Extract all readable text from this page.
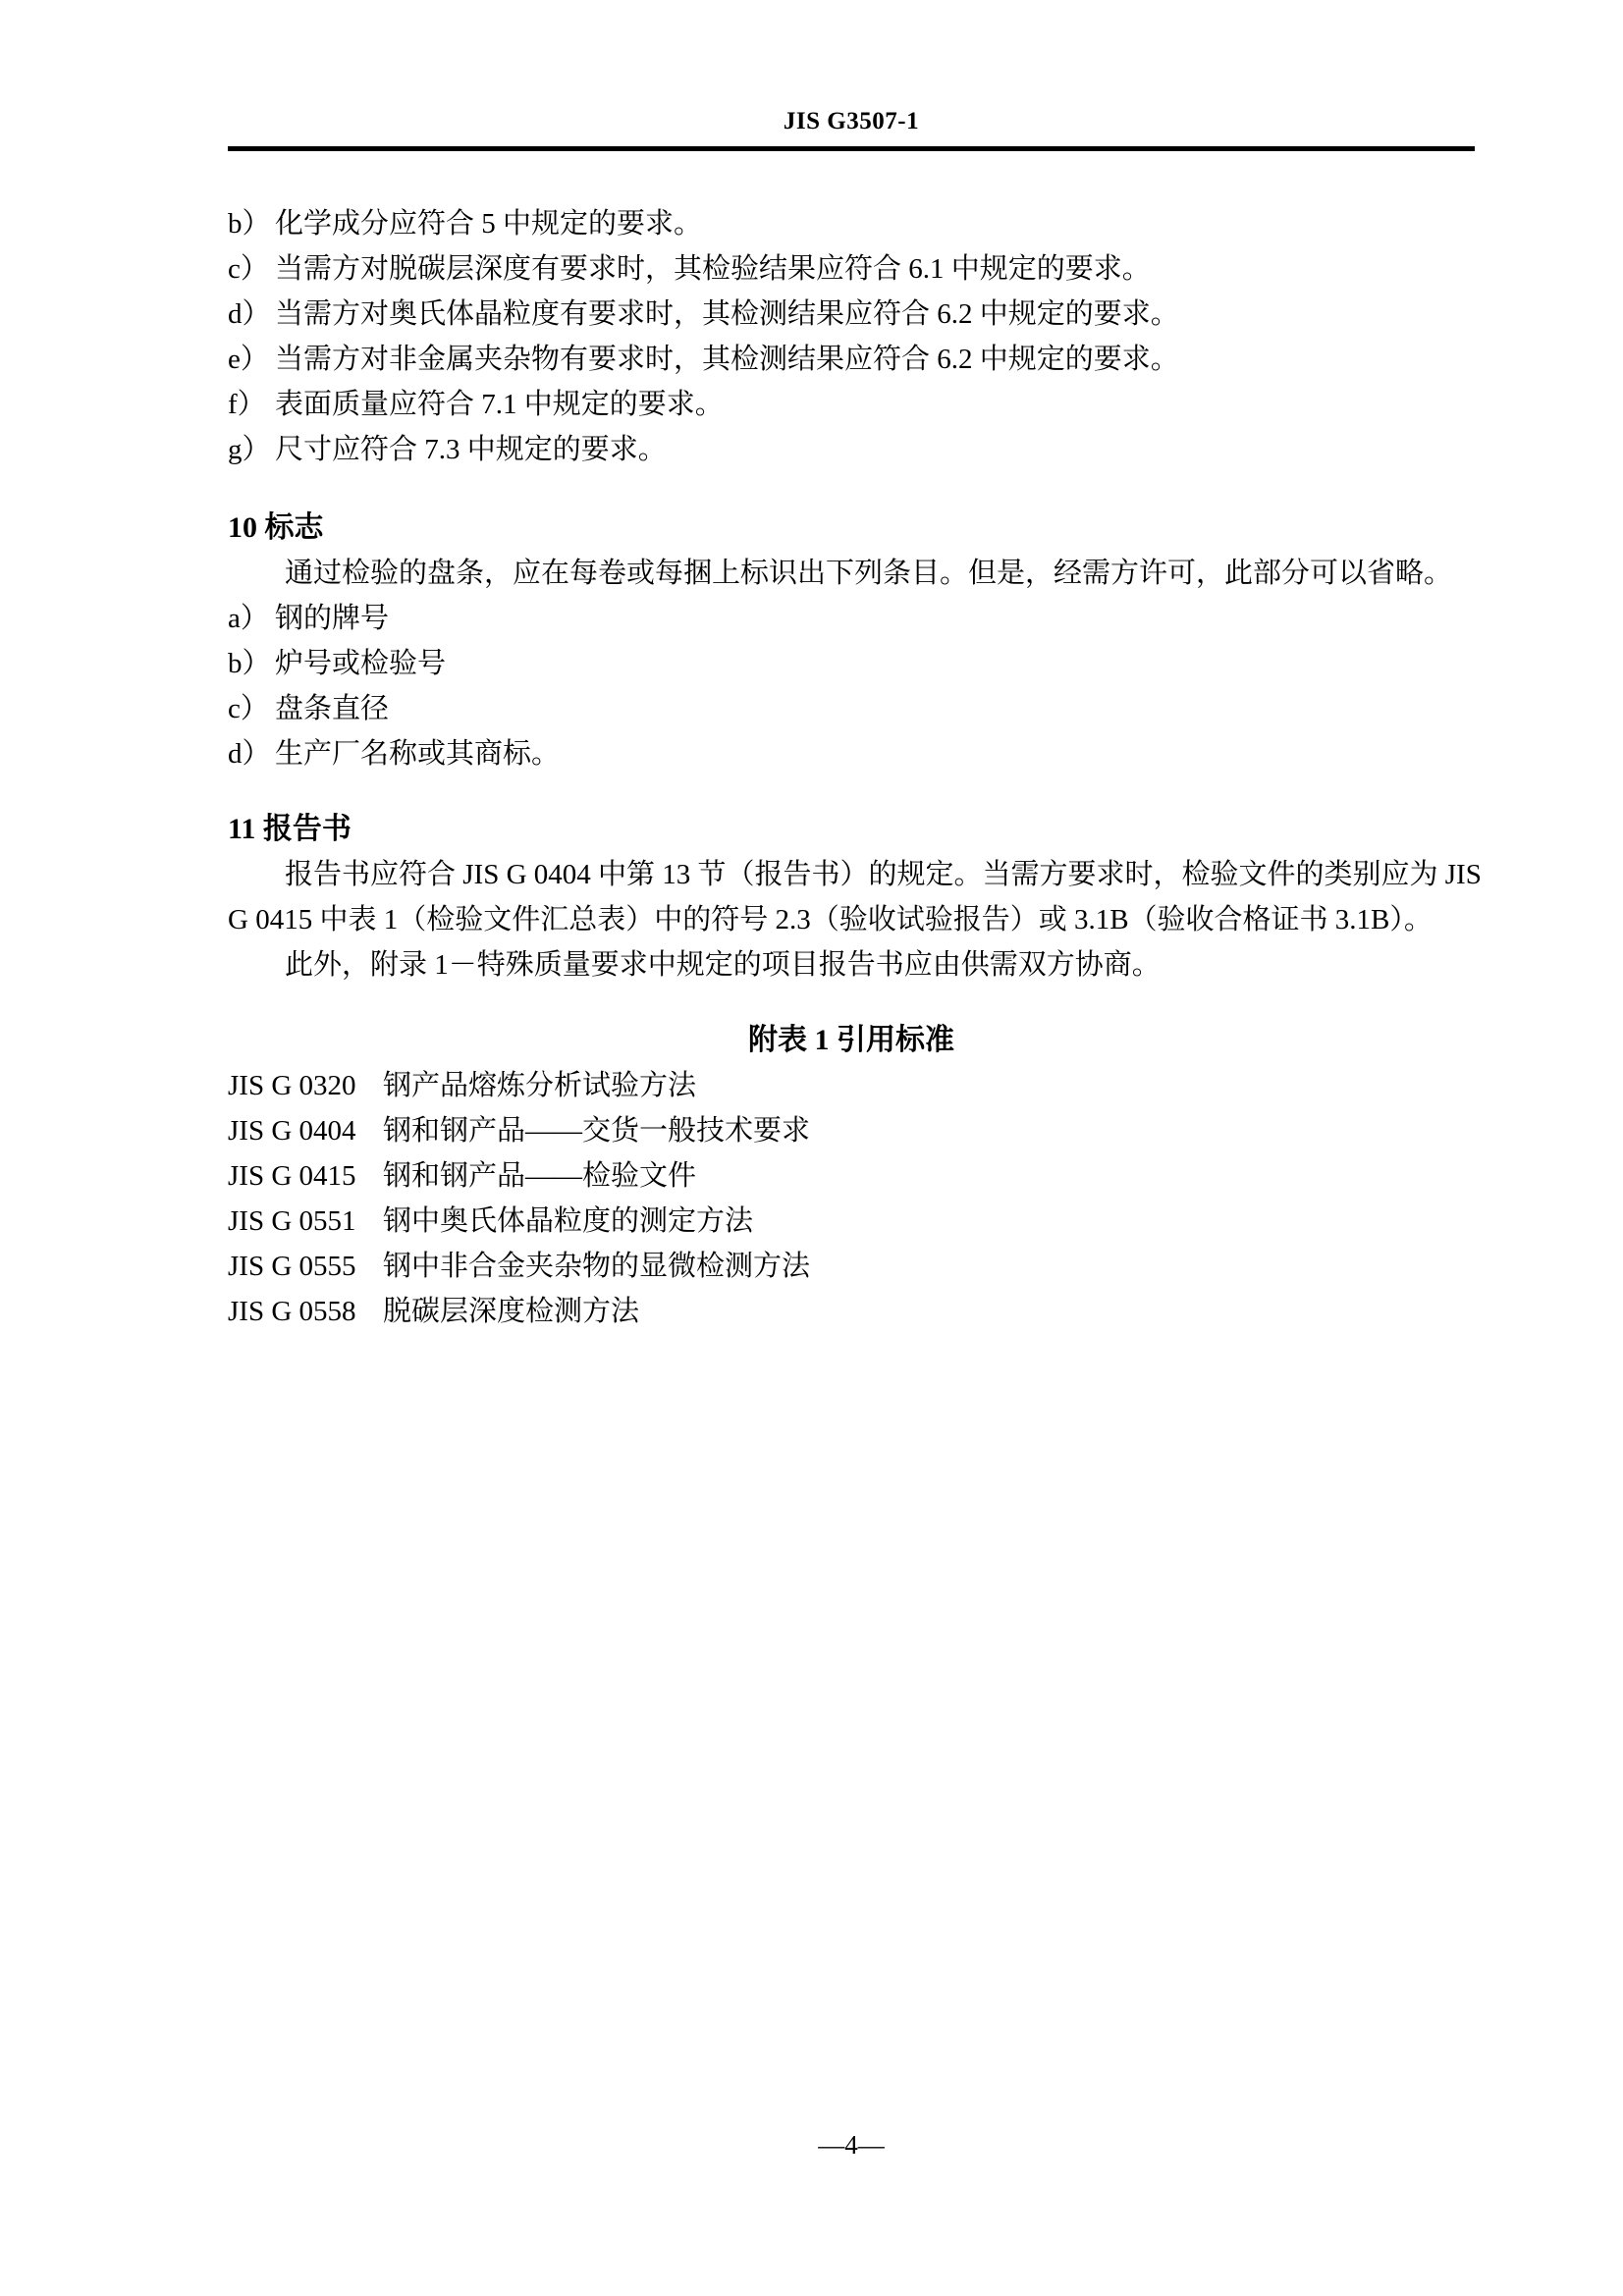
JIS G3507-1
b） 化学成分应符合 5 中规定的要求。
c） 当需方对脱碳层深度有要求时，其检验结果应符合 6.1 中规定的要求。
d） 当需方对奥氏体晶粒度有要求时，其检测结果应符合 6.2 中规定的要求。
e） 当需方对非金属夹杂物有要求时，其检测结果应符合 6.2 中规定的要求。
f） 表面质量应符合 7.1 中规定的要求。
g） 尺寸应符合 7.3 中规定的要求。
10 标志
通过检验的盘条，应在每卷或每捆上标识出下列条目。但是，经需方许可，此部分可以省略。
a） 钢的牌号
b） 炉号或检验号
c） 盘条直径
d） 生产厂名称或其商标。
11 报告书
报告书应符合 JIS G 0404 中第 13 节（报告书）的规定。当需方要求时，检验文件的类别应为 JIS
G 0415 中表 1（检验文件汇总表）中的符号 2.3（验收试验报告）或 3.1B（验收合格证书 3.1B）。
此外，附录 1－特殊质量要求中规定的项目报告书应由供需双方协商。
附表 1 引用标准
JIS G 0320 钢产品熔炼分析试验方法
JIS G 0404 钢和钢产品——交货一般技术要求
JIS G 0415 钢和钢产品——检验文件
JIS G 0551 钢中奥氏体晶粒度的测定方法
JIS G 0555 钢中非合金夹杂物的显微检测方法
JIS G 0558 脱碳层深度检测方法
—4—
